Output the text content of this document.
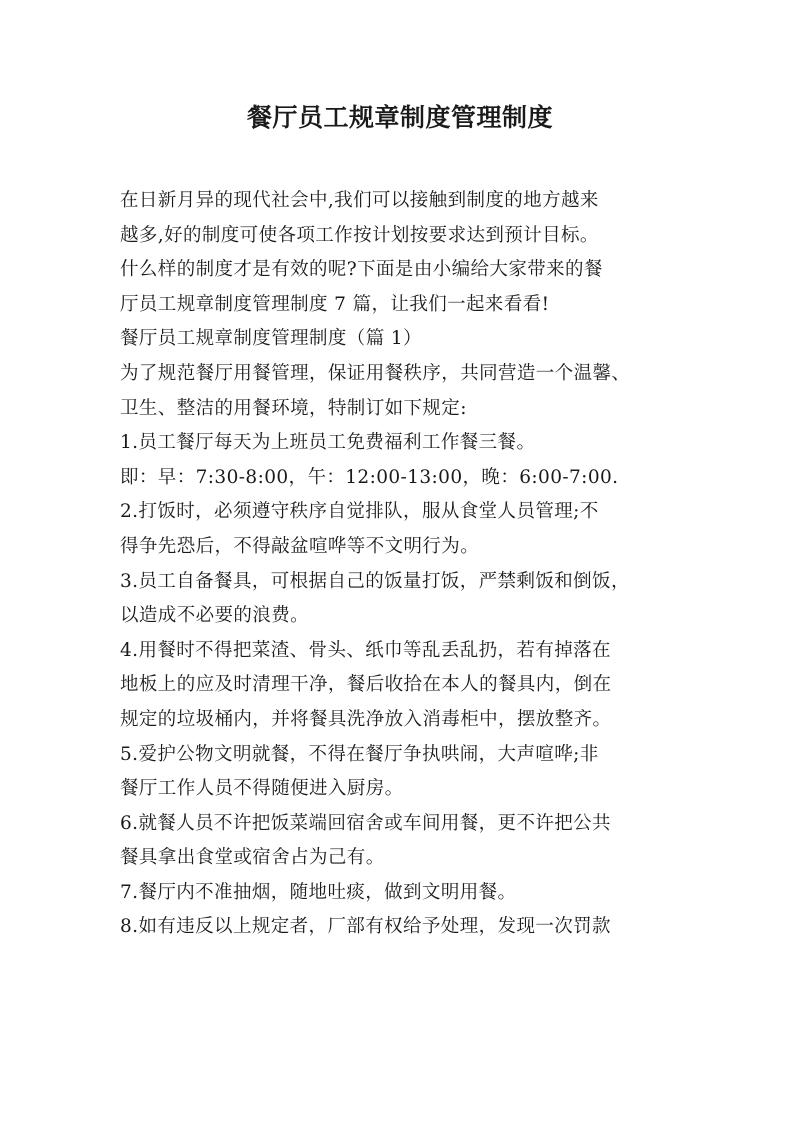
餐厅员工规章制度管理制度
在日新月异的现代社会中,我们可以接触到制度的地方越来
越多,好的制度可使各项工作按计划按要求达到预计目标。
什么样的制度才是有效的呢?下面是由小编给大家带来的餐
厅员工规章制度管理制度 7 篇，让我们一起来看看!
餐厅员工规章制度管理制度（篇 1）
为了规范餐厅用餐管理，保证用餐秩序，共同营造一个温馨、
卫生、整洁的用餐环境，特制订如下规定:
1.员工餐厅每天为上班员工免费福利工作餐三餐。
即：早：7:30-8:00，午：12:00-13:00，晚：6:00-7:00.
2.打饭时，必须遵守秩序自觉排队，服从食堂人员管理;不
得争先恐后，不得敲盆喧哗等不文明行为。
3.员工自备餐具，可根据自己的饭量打饭，严禁剩饭和倒饭，
以造成不必要的浪费。
4.用餐时不得把菜渣、骨头、纸巾等乱丢乱扔，若有掉落在
地板上的应及时清理干净，餐后收拾在本人的餐具内，倒在
规定的垃圾桶内，并将餐具洗净放入消毒柜中，摆放整齐。
5.爱护公物文明就餐，不得在餐厅争执哄闹，大声喧哗;非
餐厅工作人员不得随便进入厨房。
6.就餐人员不许把饭菜端回宿舍或车间用餐，更不许把公共
餐具拿出食堂或宿舍占为己有。
7.餐厅内不准抽烟，随地吐痰，做到文明用餐。
8.如有违反以上规定者，厂部有权给予处理，发现一次罚款
